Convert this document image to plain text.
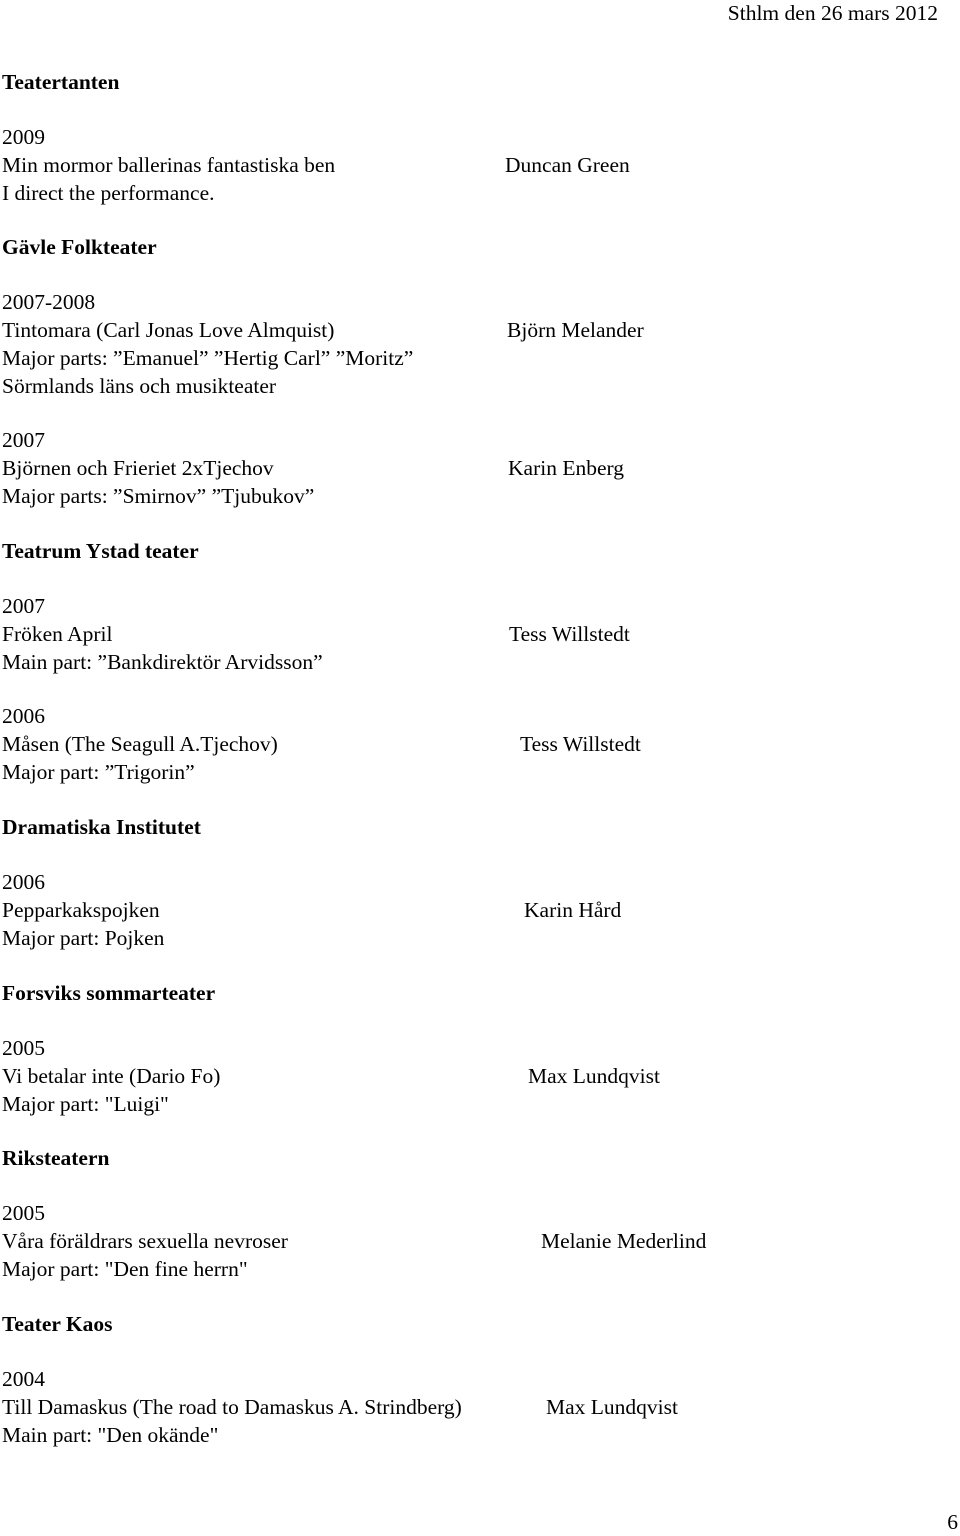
Sthlm den 26 mars 2012
Teatertanten
2009
Min mormor ballerinas fantastiska ben
I direct the performance.
Duncan Green
Gävle Folkteater
2007-2008
Tintomara (Carl Jonas Love Almquist)
Major parts: ”Emanuel” ”Hertig Carl” ”Moritz”
Sörmlands läns och musikteater
Björn Melander
2007
Björnen och Frieriet 2xTjechov
Major parts: ”Smirnov” ”Tjubukov”
Karin Enberg
Teatrum Ystad teater
2007
Fröken April
Main part: ”Bankdirektör Arvidsson”
Tess Willstedt
2006
Måsen (The Seagull A.Tjechov)
Major part: ”Trigorin”
Tess Willstedt
Dramatiska Institutet
2006
Pepparkakspojken
Major part: Pojken
Karin Hård
Forsviks sommarteater
2005
Vi betalar inte (Dario Fo)
Major part: "Luigi"
Max Lundqvist
Riksteatern
2005
Våra föräldrars sexuella nevroser
Major part: "Den fine herrn"
Melanie Mederlind
Teater Kaos
2004
Till Damaskus (The road to Damaskus A. Strindberg)
Main part: "Den okände"
Max Lundqvist
6
